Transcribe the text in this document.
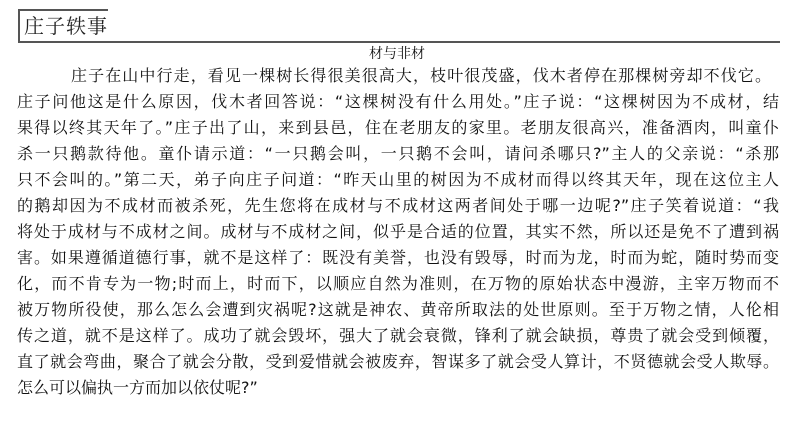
庄子轶事
材与非材
庄子在山中行走，看见一棵树长得很美很高大，枝叶很茂盛，伐木者停在那棵树旁却不伐它。
庄子问他这是什么原因，伐木者回答说：“这棵树没有什么用处。”庄子说：“这棵树因为不成材，结
果得以终其天年了。”庄子出了山，来到县邑，住在老朋友的家里。老朋友很高兴，准备酒肉，叫童仆
杀一只鹅款待他。童仆请示道：“一只鹅会叫，一只鹅不会叫，请问杀哪只?”主人的父亲说：“杀那
只不会叫的。”第二天，弟子向庄子问道：“昨天山里的树因为不成材而得以终其天年，现在这位主人
的鹅却因为不成材而被杀死，先生您将在成材与不成材这两者间处于哪一边呢?”庄子笑着说道：“我
将处于成材与不成材之间。成材与不成材之间，似乎是合适的位置，其实不然，所以还是免不了遭到祸
害。如果遵循道德行事，就不是这样了：既没有美誉，也没有毁辱，时而为龙，时而为蛇，随时势而变
化，而不肯专为一物;时而上，时而下，以顺应自然为准则，在万物的原始状态中漫游，主宰万物而不
被万物所役使，那么怎么会遭到灾祸呢?这就是神农、黄帝所取法的处世原则。至于万物之情，人伦相
传之道，就不是这样了。成功了就会毁坏，强大了就会衰微，锋利了就会缺损，尊贵了就会受到倾覆，
直了就会弯曲，聚合了就会分散，受到爱惜就会被废弃，智谋多了就会受人算计，不贤德就会受人欺辱。
怎么可以偏执一方而加以依仗呢?”
